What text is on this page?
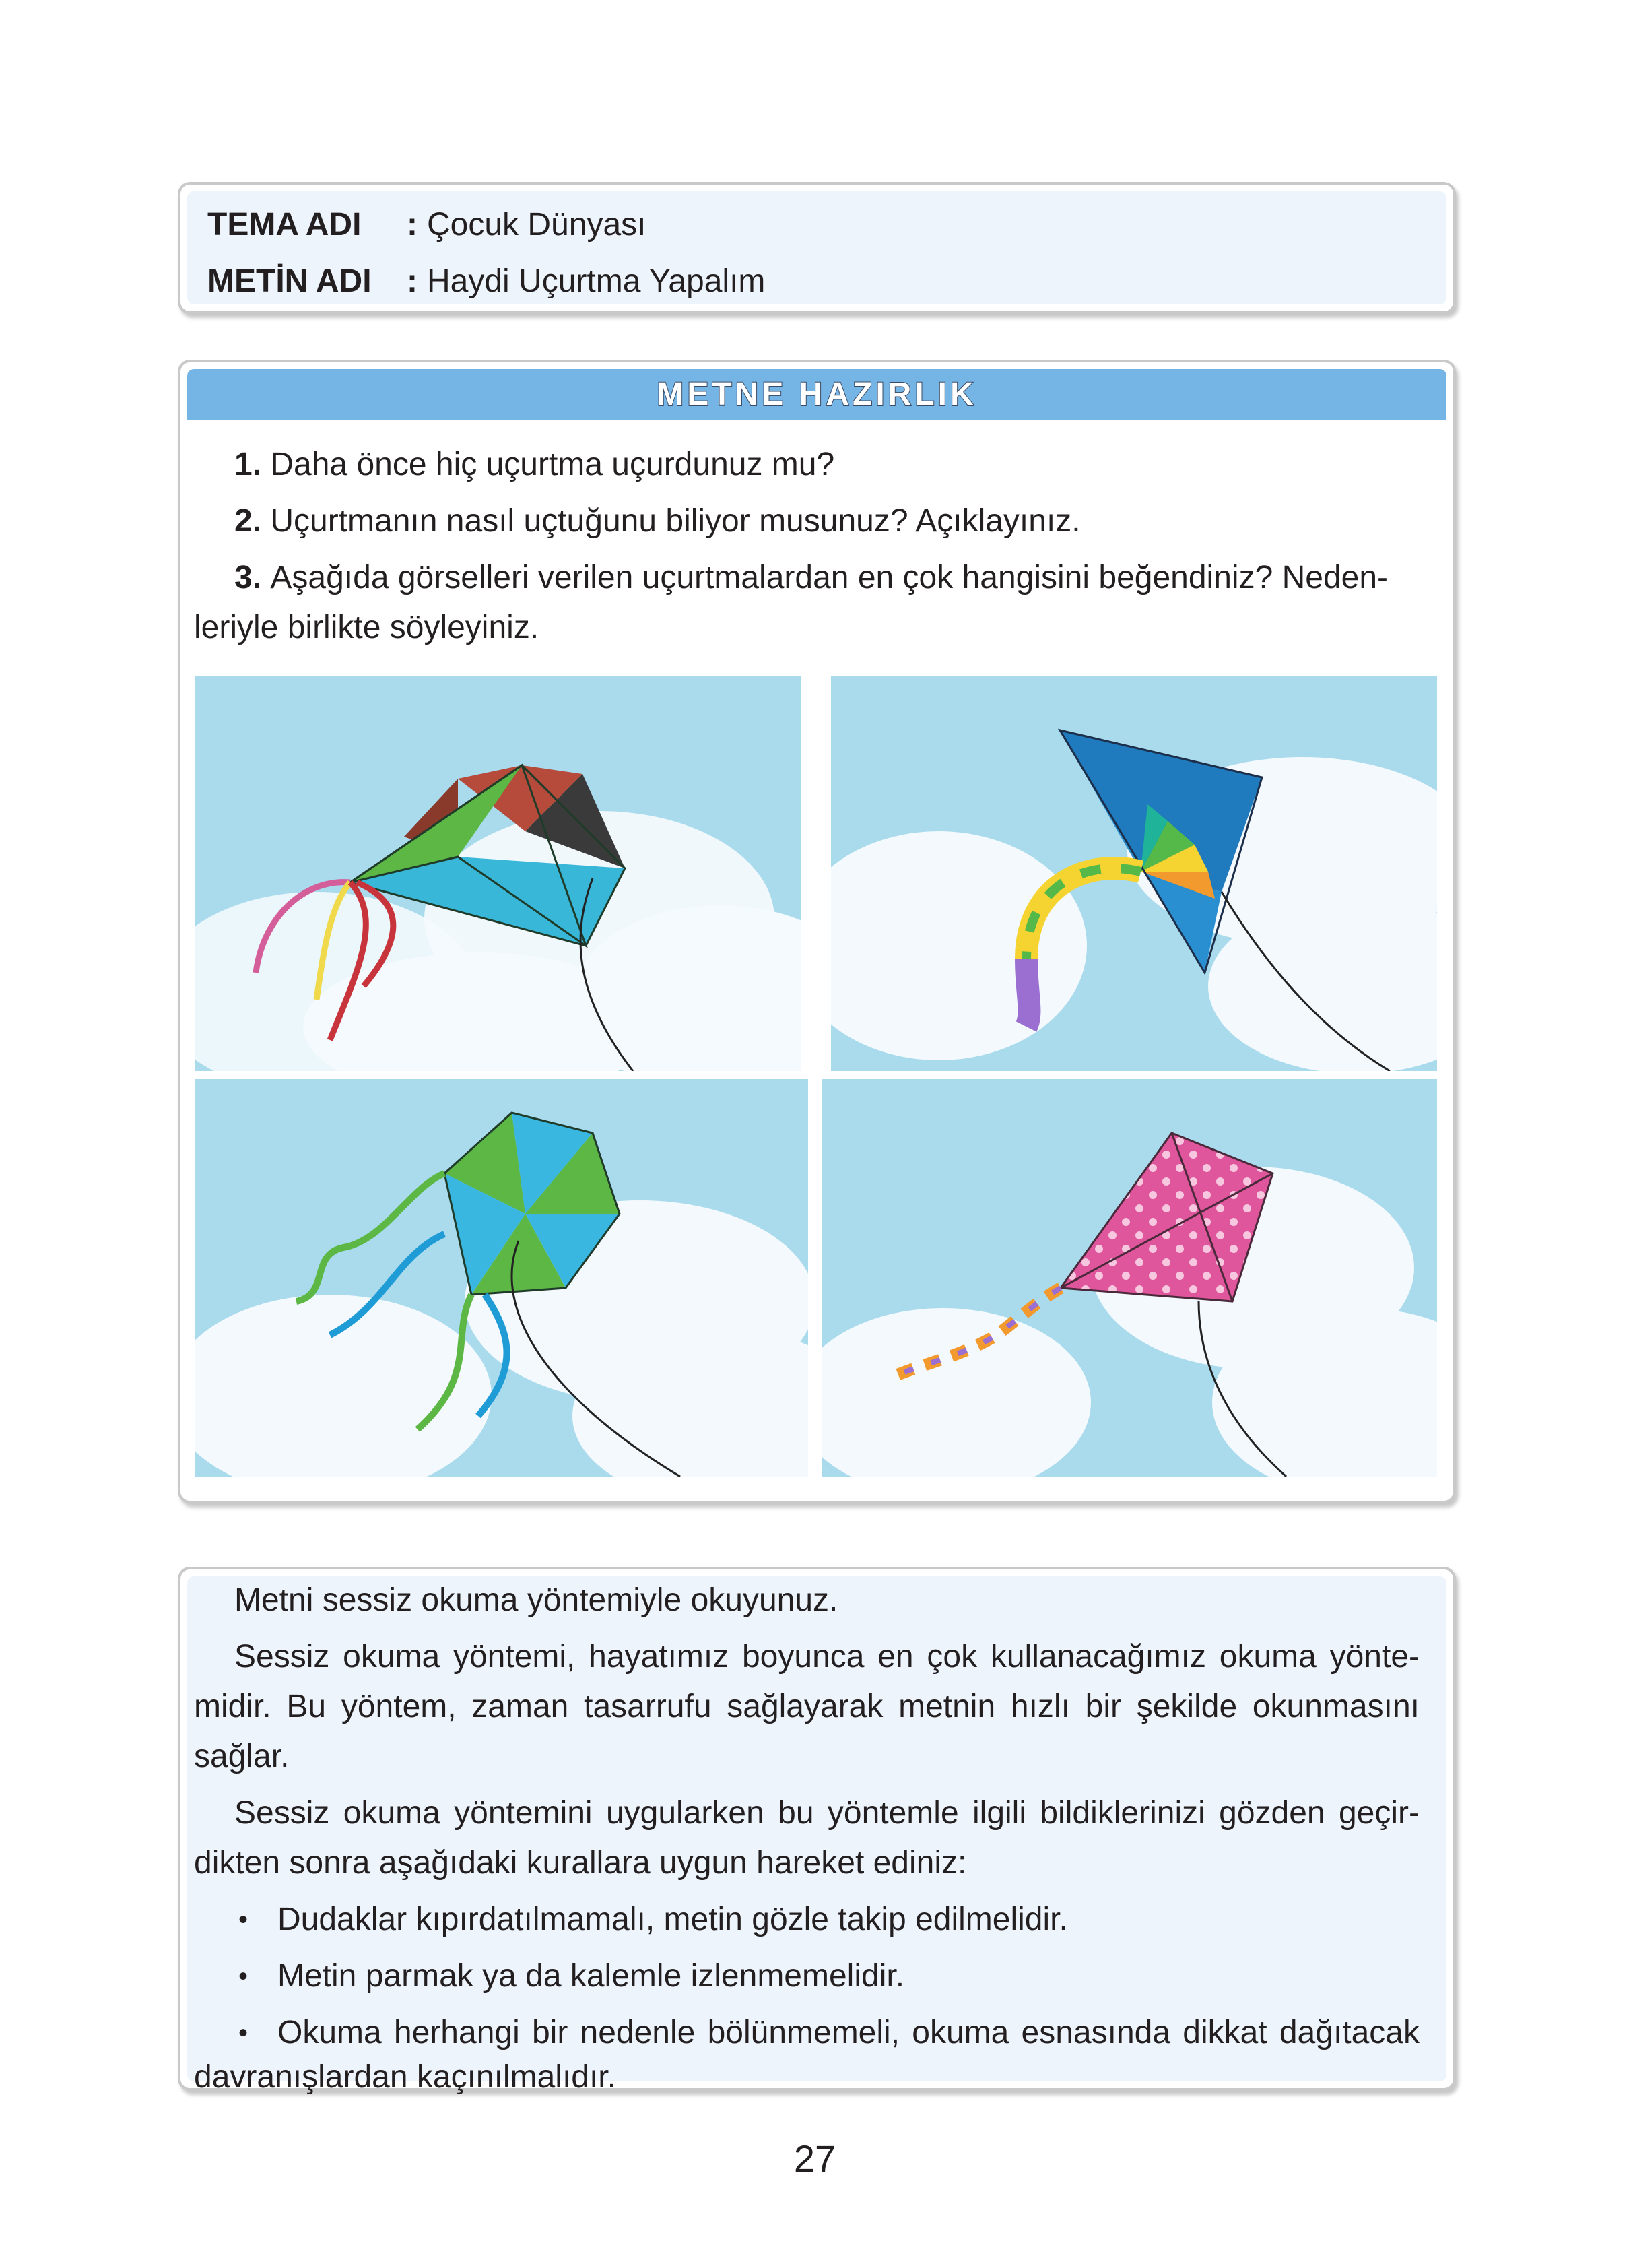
TEMA ADI : Çocuk Dünyası
METİN ADI : Haydi Uçurtma Yapalım
METNE HAZIRLIK
1. Daha önce hiç uçurtma uçurdunuz mu?
2. Uçurtmanın nasıl uçtuğunu biliyor musunuz? Açıklayınız.
3. Aşağıda görselleri verilen uçurtmalardan en çok hangisini beğendiniz? Neden-
leriyle birlikte söyleyiniz.
Metni sessiz okuma yöntemiyle okuyunuz.
Sessiz okuma yöntemi, hayatımız boyunca en çok kullanacağımız okuma yönte-
midir. Bu yöntem, zaman tasarrufu sağlayarak metnin hızlı bir şekilde okunmasını
sağlar.
Sessiz okuma yöntemini uygularken bu yöntemle ilgili bildiklerinizi gözden geçir-
dikten sonra aşağıdaki kurallara uygun hareket ediniz:
• Dudaklar kıpırdatılmamalı, metin gözle takip edilmelidir.
• Metin parmak ya da kalemle izlenmemelidir.
• Okuma herhangi bir nedenle bölünmemeli, okuma esnasında dikkat dağıtacak
davranışlardan kaçınılmalıdır.
27
